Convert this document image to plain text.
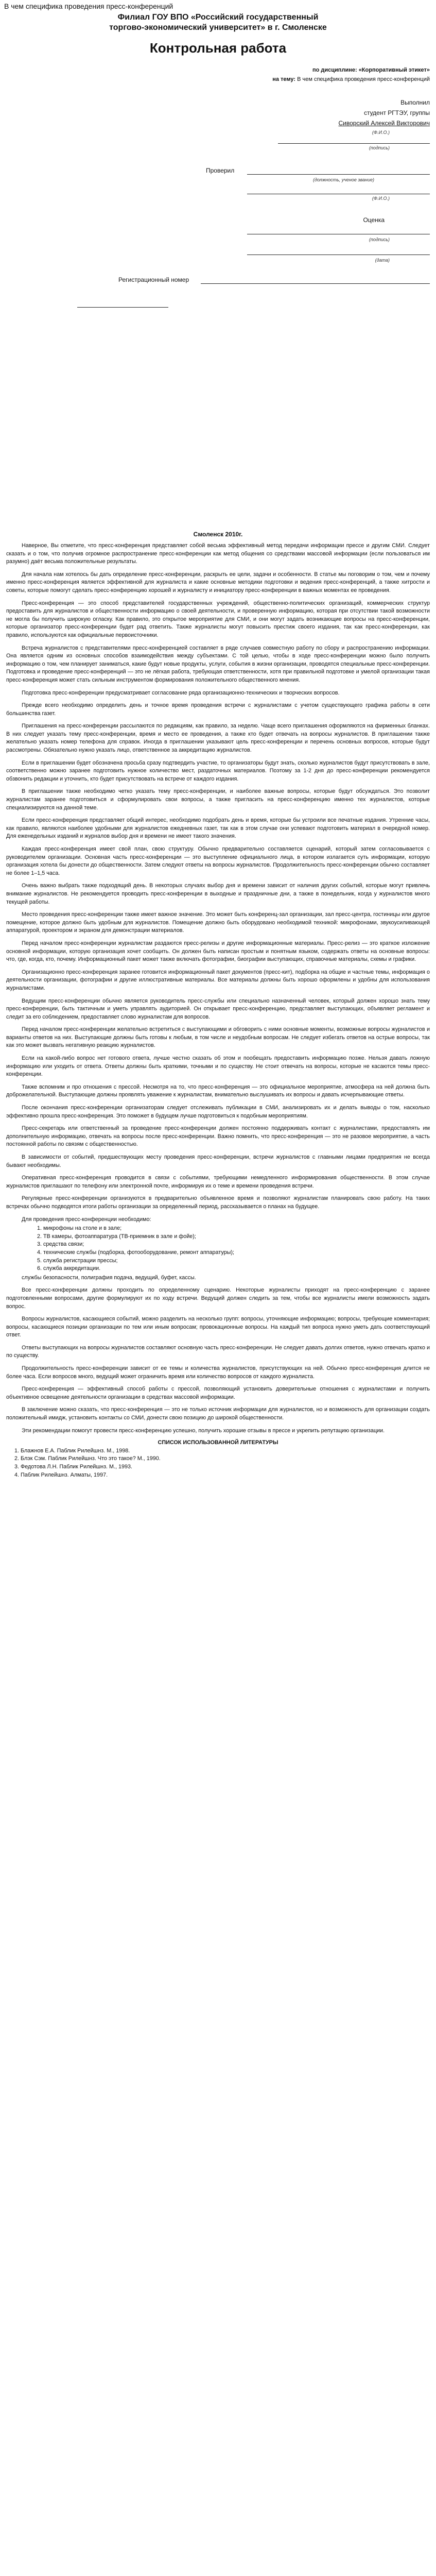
В чем специфика проведения пресс-конференций
Филиал ГОУ ВПО «Российский государственный
торгово-экономический университет» в г. Смоленске
Контрольная работа
по дисциплине: «Корпоративный этикет»
на тему: В чем специфика проведения пресс-конференций
Выполнил
студент РГТЭУ, группы
Сиворский Алексей Викторович
(Ф.И.О.)
(подпись)
Проверил
(должность, ученое звание)
(Ф.И.О.)
Оценка
(подпись)
(дата)
Регистрационный номер
Смоленск 2010г.

Наверное, Вы отметите, что пресс-конференция представляет собой весьма эффективный метод передачи информации прессе и другим СМИ. Следует сказать и о том, что получив огромное распространение пресс-конференции как метод общения со средствами массовой информации (если пользоваться им разумно) даёт весьма положительные результаты.

Для начала нам хотелось бы дать определение пресс-конференции, раскрыть ее цели, задачи и особенности. В статье мы поговорим о том, чем и почему именно пресс-конференция является эффективной для журналиста и какие основные методики подготовки и ведения пресс-конференций, а также хитрости и советы, которые помогут сделать пресс-конференцию хорошей и журналисту и инициатору пресс-конференции в важных моментах ее проведения.

Пресс-конференция — это способ представителей государственных учреждений, общественно-политических организаций, коммерческих структур предоставить для журналистов и общественности информацию о своей деятельности, и проверенную информацию, которая при отсутствии такой возможности не могла бы получить широкую огласку. Как правило, это открытое мероприятие для СМИ, и они могут задать возникающие вопросы на пресс-конференции, которые организатор пресс-конференции будет рад ответить. Также журналисты могут повысить престиж своего издания, так как пресс-конференции, как правило, используются как официальные первоисточники.

Встреча журналистов с представителями пресс-конференцией составляет в ряде случаев совместную работу по сбору и распространению информации. Она является одним из основных способов взаимодействия между субъектами. С той целью, чтобы в ходе пресс-конференции можно было получить информацию о том, чем планирует заниматься, какие будут новые продукты, услуги, события в жизни организации, проводятся специальные пресс-конференции. Подготовка и проведение пресс-конференций — это не лёгкая работа, требующая ответственности, хотя при правильной подготовке и умелой организации такая пресс-конференция может стать сильным инструментом формирования положительного общественного мнения.

Подготовка пресс-конференции предусматривает согласование ряда организационно-технических и творческих вопросов.

Прежде всего необходимо определить день и точное время проведения встречи с журналистами с учетом существующего графика работы в сети большинства газет.

Приглашения на пресс-конференции рассылаются по редакциям, как правило, за неделю. Чаще всего приглашения оформляются на фирменных бланках. В них следует указать тему пресс-конференции, время и место ее проведения, а также кто будет отвечать на вопросы журналистов. В приглашении также желательно указать номер телефона для справок. Иногда в приглашении указывают цель пресс-конференции и перечень основных вопросов, которые будут рассмотрены. Обязательно нужно указать лицо, ответственное за аккредитацию журналистов.

Если в приглашении будет обозначена просьба сразу подтвердить участие, то организаторы будут знать, сколько журналистов будут присутствовать в зале, соответственно можно заранее подготовить нужное количество мест, раздаточных материалов. Поэтому за 1-2 дня до пресс-конференции рекомендуется обзвонить редакции и уточнить, кто будет присутствовать на встрече от каждого издания.

В приглашении также необходимо четко указать тему пресс-конференции, и наиболее важные вопросы, которые будут обсуждаться. Это позволит журналистам заранее подготовиться и сформулировать свои вопросы, а также пригласить на пресс-конференцию именно тех журналистов, которые специализируются на данной теме.

Если пресс-конференция представляет общий интерес, необходимо подобрать день и время, которые бы устроили все печатные издания. Утренние часы, как правило, являются наиболее удобными для журналистов ежедневных газет, так как в этом случае они успевают подготовить материал в очередной номер. Для еженедельных изданий и журналов выбор дня и времени не имеет такого значения.

Каждая пресс-конференция имеет свой план, свою структуру. Обычно предварительно составляется сценарий, который затем согласовывается с руководителем организации. Основная часть пресс-конференции — это выступление официального лица, в котором излагается суть информации, которую организация хотела бы донести до общественности. Затем следуют ответы на вопросы журналистов. Продолжительность пресс-конференции обычно составляет не более 1–1,5 часа.

Очень важно выбрать также подходящий день. В некоторых случаях выбор дня и времени зависит от наличия других событий, которые могут привлечь внимание журналистов. Не рекомендуется проводить пресс-конференции в выходные и праздничные дни, а также в понедельник, когда у журналистов много текущей работы.

Место проведения пресс-конференции также имеет важное значение. Это может быть конференц-зал организации, зал пресс-центра, гостиницы или другое помещение, которое должно быть удобным для журналистов. Помещение должно быть оборудовано необходимой техникой: микрофонами, звукоусиливающей аппаратурой, проектором и экраном для демонстрации материалов.

Перед началом пресс-конференции журналистам раздаются пресс-релизы и другие информационные материалы. Пресс-релиз — это краткое изложение основной информации, которую организация хочет сообщить. Он должен быть написан простым и понятным языком, содержать ответы на основные вопросы: что, где, когда, кто, почему. Информационный пакет может также включать фотографии, биографии выступающих, справочные материалы, схемы и графики.

Организационно пресс-конференция заранее готовится информационный пакет документов (пресс-кит), подборка на общие и частные темы, информация о деятельности организации, фотографии и другие иллюстративные материалы. Все материалы должны быть хорошо оформлены и удобны для использования журналистами.

Ведущим пресс-конференции обычно является руководитель пресс-службы или специально назначенный человек, который должен хорошо знать тему пресс-конференции, быть тактичным и уметь управлять аудиторией. Он открывает пресс-конференцию, представляет выступающих, объявляет регламент и следит за его соблюдением, предоставляет слово журналистам для вопросов.

Перед началом пресс-конференции желательно встретиться с выступающими и обговорить с ними основные моменты, возможные вопросы журналистов и варианты ответов на них. Выступающие должны быть готовы к любым, в том числе и неудобным вопросам. Не следует избегать ответов на острые вопросы, так как это может вызвать негативную реакцию журналистов.

Если на какой-либо вопрос нет готового ответа, лучше честно сказать об этом и пообещать предоставить информацию позже. Нельзя давать ложную информацию или уходить от ответа. Ответы должны быть краткими, точными и по существу. Не стоит отвечать на вопросы, которые не касаются темы пресс-конференции.

Также вспомним и про отношения с прессой. Несмотря на то, что пресс-конференция — это официальное мероприятие, атмосфера на ней должна быть доброжелательной. Выступающие должны проявлять уважение к журналистам, внимательно выслушивать их вопросы и давать исчерпывающие ответы.

После окончания пресс-конференции организаторам следует отслеживать публикации в СМИ, анализировать их и делать выводы о том, насколько эффективно прошла пресс-конференция. Это поможет в будущем лучше подготовиться к подобным мероприятиям.

Пресс-секретарь или ответственный за проведение пресс-конференции должен постоянно поддерживать контакт с журналистами, предоставлять им дополнительную информацию, отвечать на вопросы после пресс-конференции. Важно помнить, что пресс-конференция — это не разовое мероприятие, а часть постоянной работы по связям с общественностью.

В зависимости от событий, предшествующих месту проведения пресс-конференции, встречи журналистов с главными лицами предприятия не всегда бывают необходимы.

Оперативная пресс-конференция проводится в связи с событиями, требующими немедленного информирования общественности. В этом случае журналистов приглашают по телефону или электронной почте, информируя их о теме и времени проведения встречи.

Регулярные пресс-конференции организуются в предварительно объявленное время и позволяют журналистам планировать свою работу. На таких встречах обычно подводятся итоги работы организации за определенный период, рассказывается о планах на будущее.

Для проведения пресс-конференции необходимо:

1. микрофоны на столе и в зале;
2. ТВ камеры, фотоаппаратура (ТВ-приемник в зале и фойе);
3. средства связи;
4. технические службы (подборка, фотооборудование, ремонт аппаратуры);
5. служба регистрации прессы;
6. служба аккредитации.

службы безопасности, полиграфия подача, ведущий, буфет, кассы.

Все пресс-конференции должны проходить по определенному сценарию. Некоторые журналисты приходят на пресс-конференцию с заранее подготовленными вопросами, другие формулируют их по ходу встречи. Ведущий должен следить за тем, чтобы все журналисты имели возможность задать вопрос.

Вопросы журналистов, касающиеся событий, можно разделить на несколько групп: вопросы, уточняющие информацию; вопросы, требующие комментария; вопросы, касающиеся позиции организации по тем или иным вопросам; провокационные вопросы. На каждый тип вопроса нужно уметь дать соответствующий ответ.

Ответы выступающих на вопросы журналистов составляют основную часть пресс-конференции. Не следует давать долгих ответов, нужно отвечать кратко и по существу.

Продолжительность пресс-конференции зависит от ее темы и количества журналистов, присутствующих на ней. Обычно пресс-конференция длится не более часа. Если вопросов много, ведущий может ограничить время или количество вопросов от каждого журналиста.

Пресс-конференция — эффективный способ работы с прессой, позволяющий установить доверительные отношения с журналистами и получить объективное освещение деятельности организации в средствах массовой информации.

В заключение можно сказать, что пресс-конференция — это не только источник информации для журналистов, но и возможность для организации создать положительный имидж, установить контакты со СМИ, донести свою позицию до широкой общественности.

Эти рекомендации помогут провести пресс-конференцию успешно, получить хорошие отзывы в прессе и укрепить репутацию организации.

СПИСОК ИСПОЛЬЗОВАННОЙ ЛИТЕРАТУРЫ

1. Блажнов Е.А. Паблик Рилейшнз. М., 1998.
2. Блэк Сэм. Паблик Рилейшнз. Что это такое? М., 1990.
3. Федотова Л.Н. Паблик Рилейшнз. М., 1993.
4. Паблик Рилейшнз. Алматы, 1997.
